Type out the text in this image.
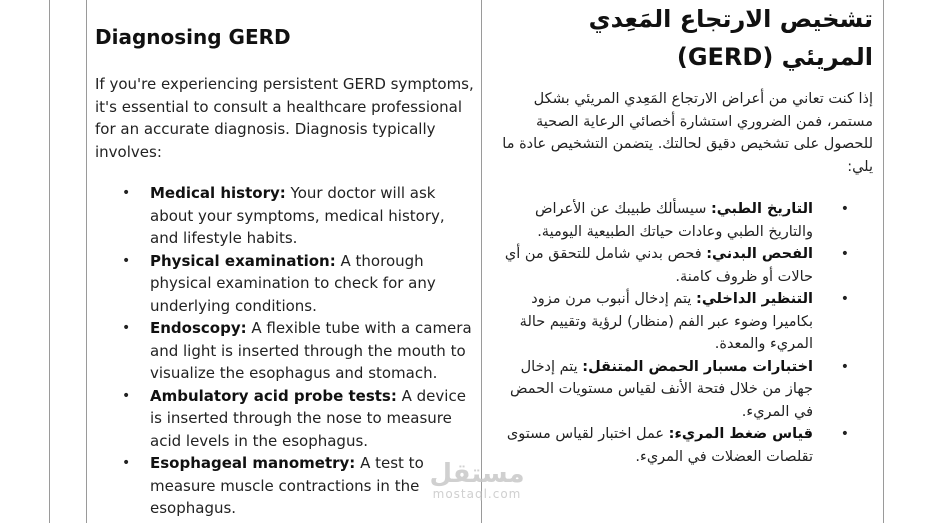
Diagnosing GERD

If you're experiencing persistent GERD symptoms, it's essential to consult a healthcare professional for an accurate diagnosis. Diagnosis typically involves:

• Medical history: Your doctor will ask about your symptoms, medical history, and lifestyle habits.
• Physical examination: A thorough physical examination to check for any underlying conditions.
• Endoscopy: A flexible tube with a camera and light is inserted through the mouth to visualize the esophagus and stomach.
• Ambulatory acid probe tests: A device is inserted through the nose to measure acid levels in the esophagus.
• Esophageal manometry: A test to measure muscle contractions in the esophagus.
تشخيص الارتجاع المَعِدي المريئي (GERD)

إذا كنت تعاني من أعراض الارتجاع المَعِدي المريئي بشكل مستمر، فمن الضروري استشارة أخصائي الرعاية الصحية للحصول على تشخيص دقيق لحالتك. يتضمن التشخيص عادة ما يلي:

•
التاريخ الطبي: سيسألك طبيبك عن الأعراض والتاريخ الطبي وعادات حياتك الطبيعية اليومية.
•
الفحص البدني: فحص بدني شامل للتحقق من أي حالات أو ظروف كامنة.
•
التنظير الداخلي: يتم إدخال أنبوب مرن مزود بكاميرا وضوء عبر الفم (منظار) لرؤية وتقييم حالة المريء والمعدة.
•
اختبارات مسبار الحمض المتنقل: يتم إدخال جهاز من خلال فتحة الأنف لقياس مستويات الحمض في المريء.
•
قياس ضغط المريء: عمل اختبار لقياس مستوى تقلصات العضلات في المريء.
مستقل
mostaql.com
